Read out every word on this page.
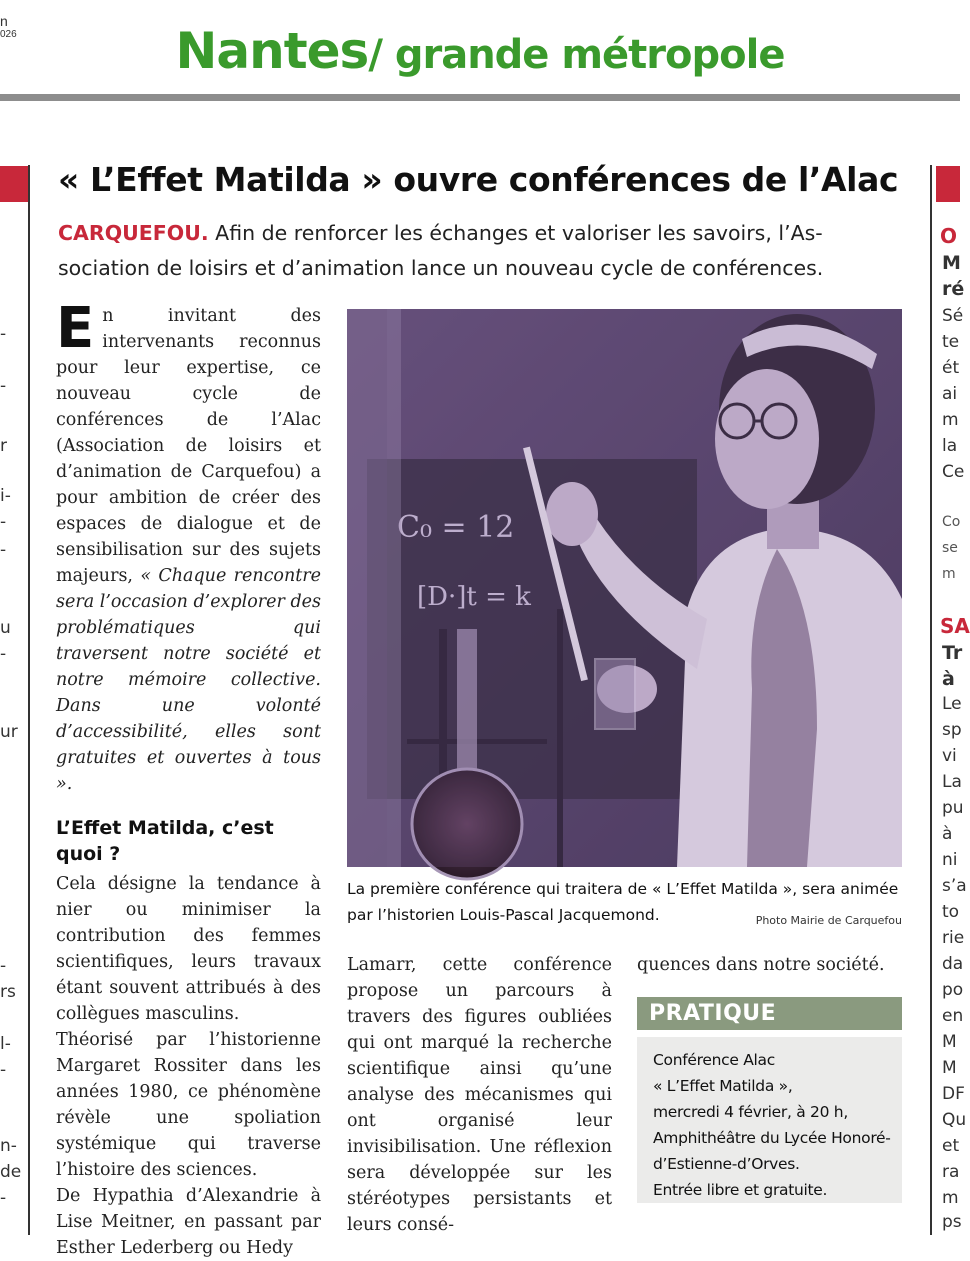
n
026	Nantes/ grande métropole
-
-
r
i-
-
-
u
-
ur
-
rs
l-
-
n-
de
-
O
M
ré
Sé
te
ét
ai
m
la
Ce
Co
se
m
SA
Tr
à
Le
sp
vi
La
pu
à
ni
s’a
to
rie
da
po
en
M
M
DF
Qu
et
ra
m
ps
« L’Effet Matilda » ouvre conférences de l’Alac
CARQUEFOU. Afin de renforcer les échanges et valoriser les savoirs, l’As-
sociation de loisirs et d’animation lance un nouveau cycle de conférences.

En invitant des intervenants reconnus pour leur expertise, ce nouveau cycle de conférences de l’Alac (Association de loisirs et d’animation de Carquefou) a pour ambition de créer des espaces de dialogue et de sensibilisation sur des sujets majeurs, « Chaque rencontre sera l’occasion d’explorer des problématiques qui traversent notre société et notre mémoire collective. Dans une volonté d’accessibilité, elles sont gratuites et ouvertes à tous ».

L’Effet Matilda, c’est quoi ?

Cela désigne la tendance à nier ou minimiser la contribution des femmes scientifiques, leurs travaux étant souvent attribués à des collègues masculins.

Théorisé par l’historienne Margaret Rossiter dans les années 1980, ce phénomène révèle une spoliation systémique qui traverse l’histoire des sciences.

De Hypathia d’Alexandrie à Lise Meitner, en passant par Esther Lederberg ou Hedy

C₀ = 12
[D·]t = k
La première conférence qui traitera de « L’Effet Matilda », sera animée par l’historien Louis-Pascal Jacquemond.	Photo Mairie de Carquefou

Lamarr, cette conférence propose un parcours à travers des figures oubliées qui ont marqué la recherche scientifique ainsi qu’une analyse des mécanismes qui ont organisé leur invisibilisation. Une réflexion sera développée sur les stéréotypes persistants et leurs consé-

quences dans notre société.

PRATIQUE
Conférence Alac
« L’Effet Matilda »,
mercredi 4 février, à 20 h,
Amphithéâtre du Lycée Honoré-
d’Estienne-d’Orves.
Entrée libre et gratuite.
